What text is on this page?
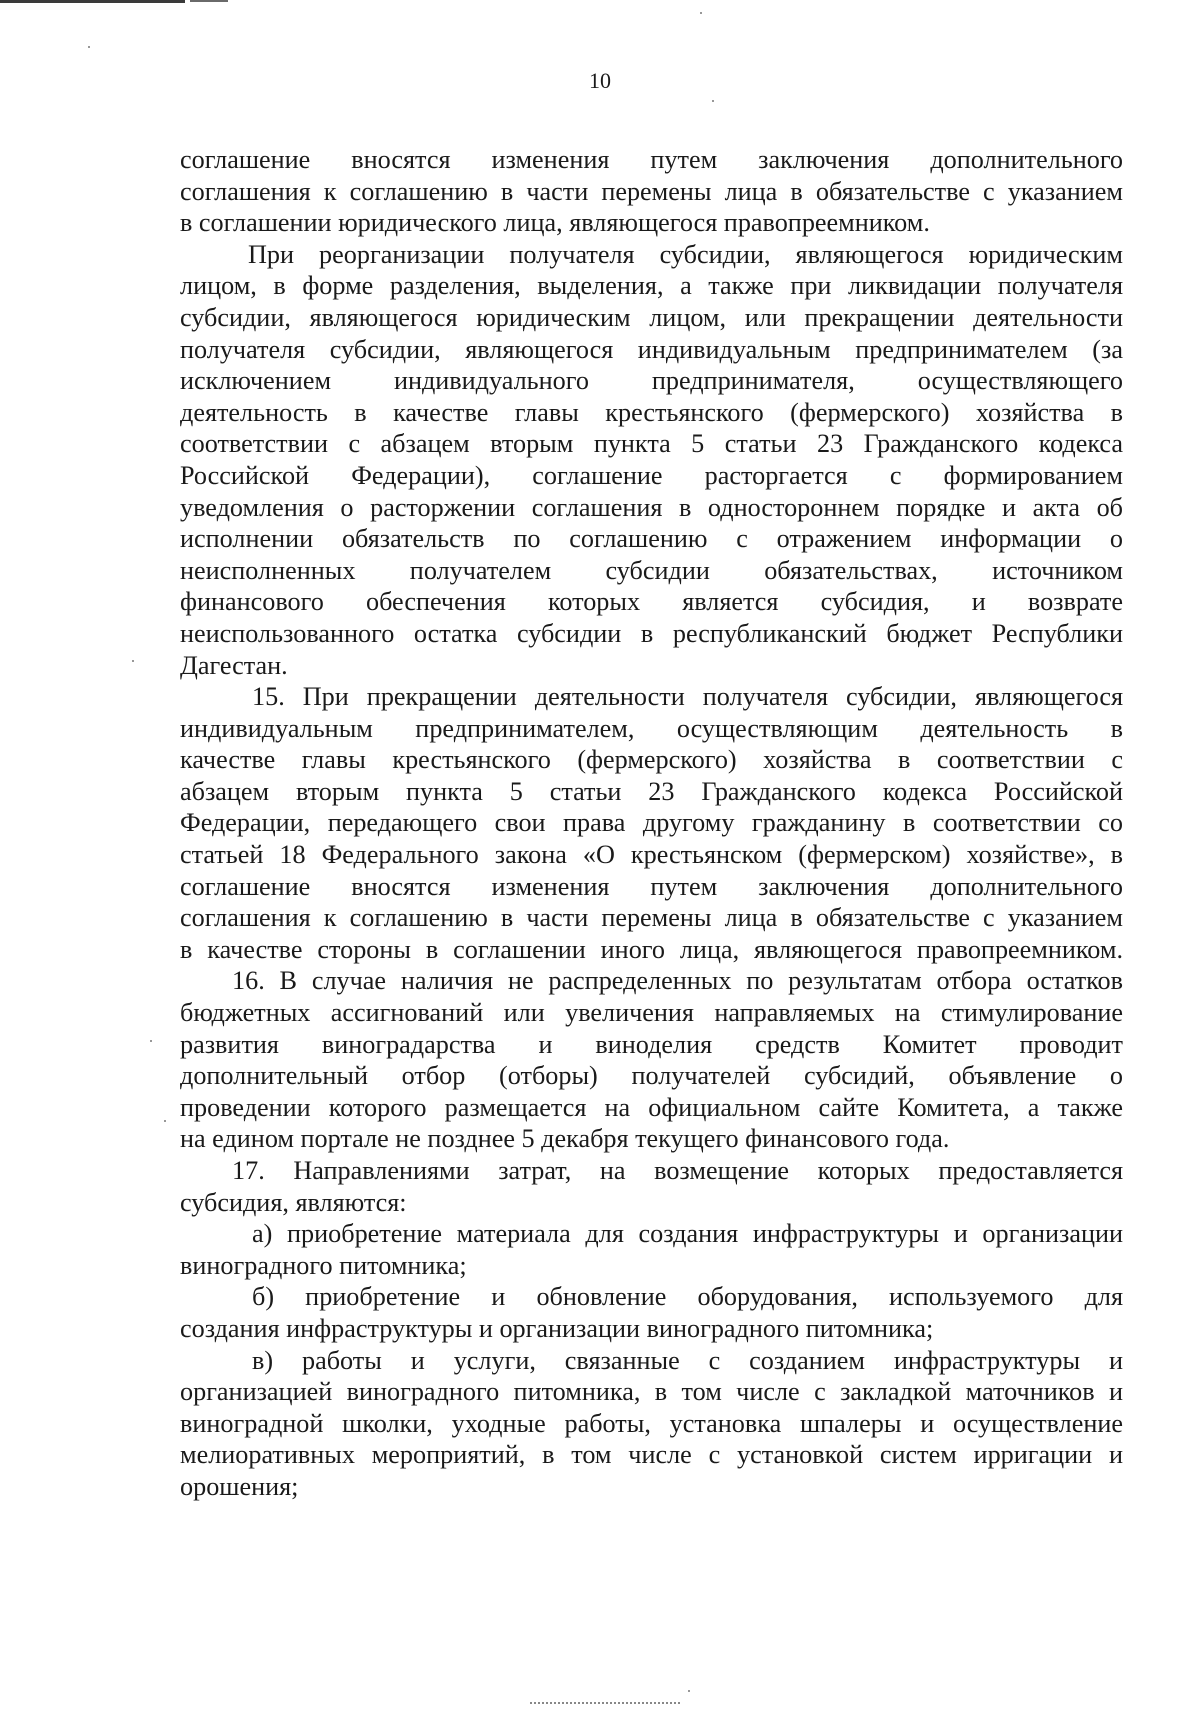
10
соглашение вносятся изменения путем заключения дополнительного
соглашения к соглашению в части перемены лица в обязательстве с указанием
в соглашении юридического лица, являющегося правопреемником.
При реорганизации получателя субсидии, являющегося юридическим
лицом, в форме разделения, выделения, а также при ликвидации получателя
субсидии, являющегося юридическим лицом, или прекращении деятельности
получателя субсидии, являющегося индивидуальным предпринимателем (за
исключением индивидуального предпринимателя, осуществляющего
деятельность в качестве главы крестьянского (фермерского) хозяйства в
соответствии с абзацем вторым пункта 5 статьи 23 Гражданского кодекса
Российской Федерации), соглашение расторгается с формированием
уведомления о расторжении соглашения в одностороннем порядке и акта об
исполнении обязательств по соглашению с отражением информации о
неисполненных получателем субсидии обязательствах, источником
финансового обеспечения которых является субсидия, и возврате
неиспользованного остатка субсидии в республиканский бюджет Республики
Дагестан.
15. При прекращении деятельности получателя субсидии, являющегося
индивидуальным предпринимателем, осуществляющим деятельность в
качестве главы крестьянского (фермерского) хозяйства в соответствии с
абзацем вторым пункта 5 статьи 23 Гражданского кодекса Российской
Федерации, передающего свои права другому гражданину в соответствии со
статьей 18 Федерального закона «О крестьянском (фермерском) хозяйстве», в
соглашение вносятся изменения путем заключения дополнительного
соглашения к соглашению в части перемены лица в обязательстве с указанием
в качестве стороны в соглашении иного лица, являющегося правопреемником.
16. В случае наличия не распределенных по результатам отбора остатков
бюджетных ассигнований или увеличения направляемых на стимулирование
развития виноградарства и виноделия средств Комитет проводит
дополнительный отбор (отборы) получателей субсидий, объявление о
проведении которого размещается на официальном сайте Комитета, а также
на едином портале не позднее 5 декабря текущего финансового года.
17. Направлениями затрат, на возмещение которых предоставляется
субсидия, являются:
а) приобретение материала для создания инфраструктуры и организации
виноградного питомника;
б) приобретение и обновление оборудования, используемого для
создания инфраструктуры и организации виноградного питомника;
в) работы и услуги, связанные с созданием инфраструктуры и
организацией виноградного питомника, в том числе с закладкой маточников и
виноградной школки, уходные работы, установка шпалеры и осуществление
мелиоративных мероприятий, в том числе с установкой систем ирригации и
орошения;
